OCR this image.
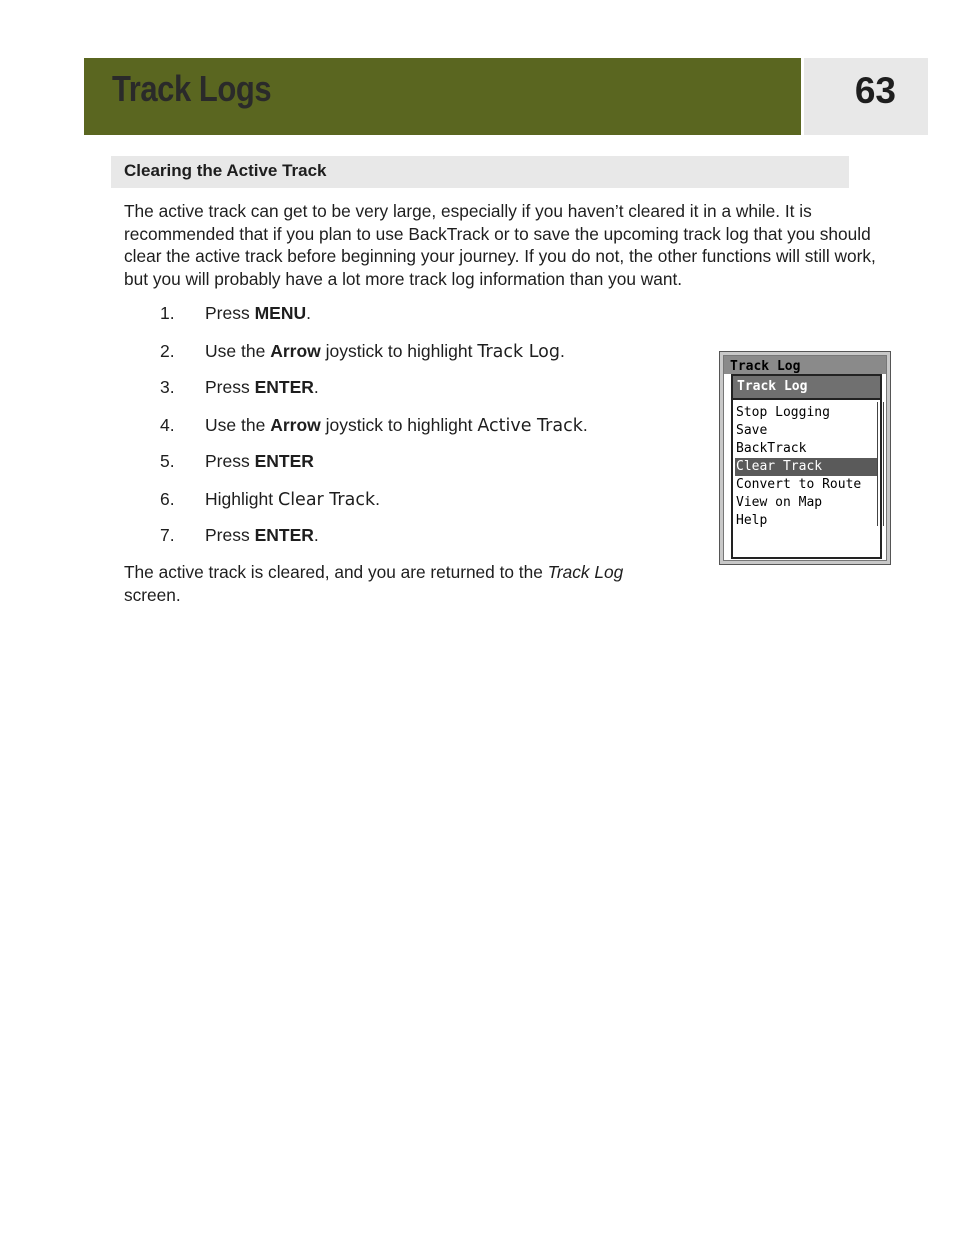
Track Logs	63
Clearing the Active Track

The active track can get to be very large, especially if you haven’t cleared it in a while. It is recommended that if you plan to use BackTrack or to save the upcoming track log that you should clear the active track before beginning your journey. If you do not, the other functions will still work, but you will probably have a lot more track log information than you want.

1. Press MENU.
2. Use the Arrow joystick to highlight Track Log.
3. Press ENTER.
4. Use the Arrow joystick to highlight Active Track.
5. Press ENTER
6. Highlight Clear Track.
7. Press ENTER.

The active track is cleared, and you are returned to the Track Log screen.

Track Log
Track Log
Stop Logging
Save
BackTrack
Clear Track
Convert to Route
View on Map
Help
